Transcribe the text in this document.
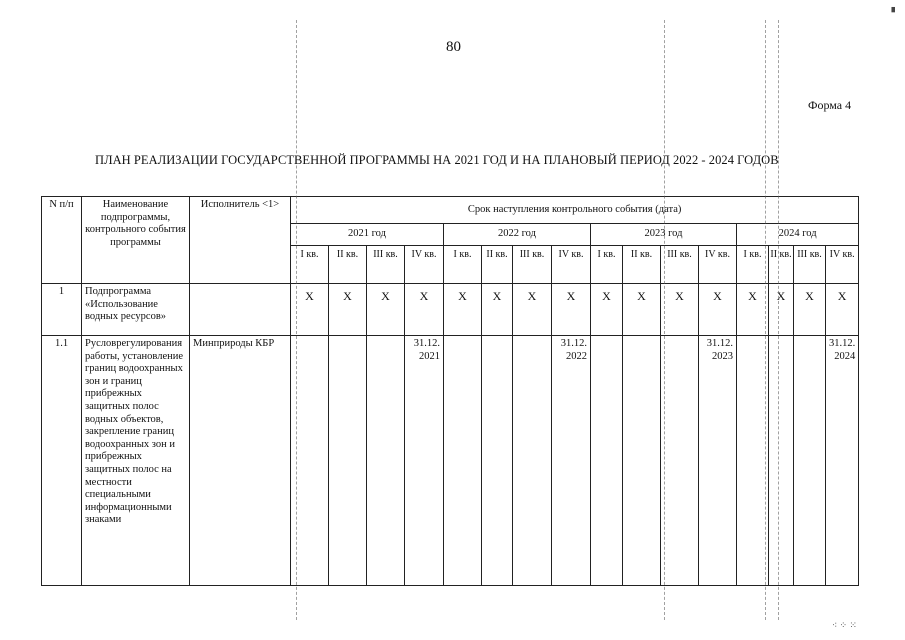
80
Форма 4
ПЛАН РЕАЛИЗАЦИИ ГОСУДАРСТВЕННОЙ ПРОГРАММЫ НА 2021 ГОД И НА ПЛАНОВЫЙ ПЕРИОД 2022 - 2024 ГОДОВ
N п/п	Наименование подпрограммы, контрольного события программы	Исполнитель <1>	Срок наступления контрольного события (дата)															
			2021 год				2022 год				2023 год				2024 год			
			I кв.	II кв.	III кв.	IV кв.	I кв.	II кв.	III кв.	IV кв.	I кв.	II кв.	III кв.	IV кв.	I кв.	II кв.	III кв.	IV кв.
1	Подпрограмма «Использование водных ресурсов»		X	X	X	X	X	X	X	X	X	X	X	X	X	X	X	X
1.1	Русловрегулирования работы, установление границ водоохранных зон и границ прибрежных защитных полос водных объектов, закрепление границ водоохранных зон и прибрежных защитных полос на местности специальными информационными знаками	Минприроды КБР				31.12. 2021				31.12. 2022				31.12. 2023				31.12. 2024
⁖ ⁘ ⁙
▗
